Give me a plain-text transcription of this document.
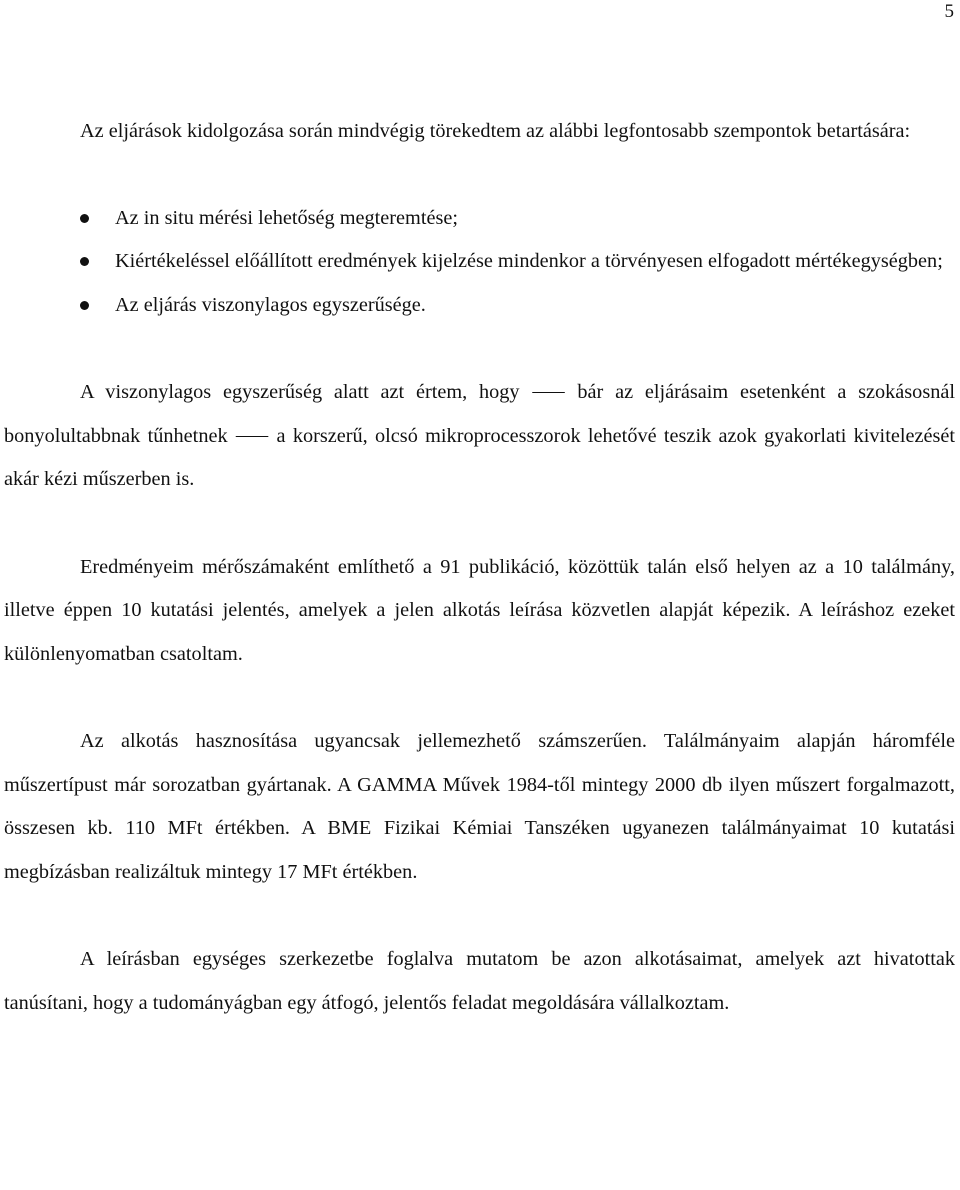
5

Az eljárások kidolgozása során mindvégig törekedtem az alábbi legfontosabb szempontok betartására:

Az in situ mérési lehetőség megteremtése;
Kiértékeléssel előállított eredmények kijelzése mindenkor a törvényesen elfogadott mértékegységben;
Az eljárás viszonylagos egyszerűsége.

A viszonylagos egyszerűség alatt azt értem, hogy ⸺ bár az eljárásaim esetenként a szokásosnál bonyolultabbnak tűnhetnek ⸺ a korszerű, olcsó mikroprocesszorok lehetővé teszik azok gyakorlati kivitelezését akár kézi műszerben is.

Eredményeim mérőszámaként említhető a 91 publikáció, közöttük talán első helyen az a 10 találmány, illetve éppen 10 kutatási jelentés, amelyek a jelen alkotás leírása közvetlen alapját képezik. A leíráshoz ezeket különlenyomatban csatoltam.

Az alkotás hasznosítása ugyancsak jellemezhető számszerűen. Találmányaim alapján háromféle műszertípust már sorozatban gyártanak. A GAMMA Művek 1984-től mintegy 2000 db ilyen műszert forgalmazott, összesen kb. 110 MFt értékben. A BME Fizikai Kémiai Tanszéken ugyanezen találmányaimat 10 kutatási megbízásban realizáltuk mintegy 17 MFt értékben.

A leírásban egységes szerkezetbe foglalva mutatom be azon alkotásaimat, amelyek azt hivatottak tanúsítani, hogy a tudományágban egy átfogó, jelentős feladat megoldására vállalkoztam.
